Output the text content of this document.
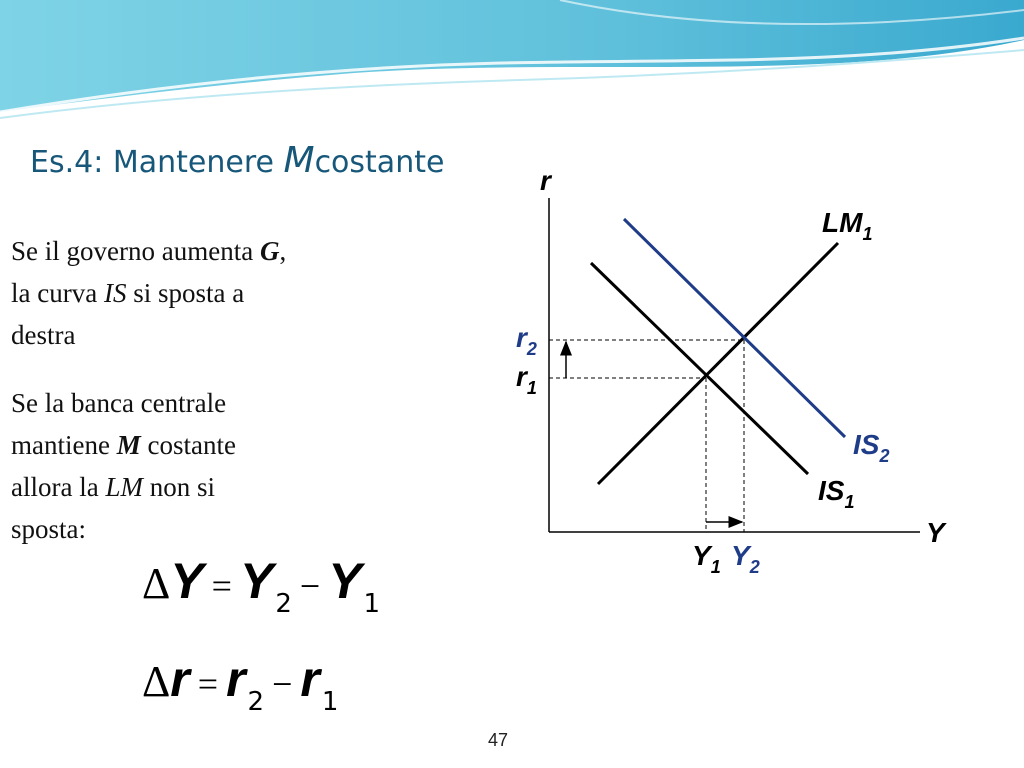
Es.4: Mantenere Mcostante
Se il governo aumenta G,
la curva IS si sposta a
destra
Se la banca centrale
mantiene M costante
allora la LM non si
sposta:
ΔY = Y2 − Y1
Δr = r2 − r1
r
Y
$LM_1$
$IS_1$
$IS_2$
$r_2$
$r_1$
$Y_1$ $Y_2$
47
